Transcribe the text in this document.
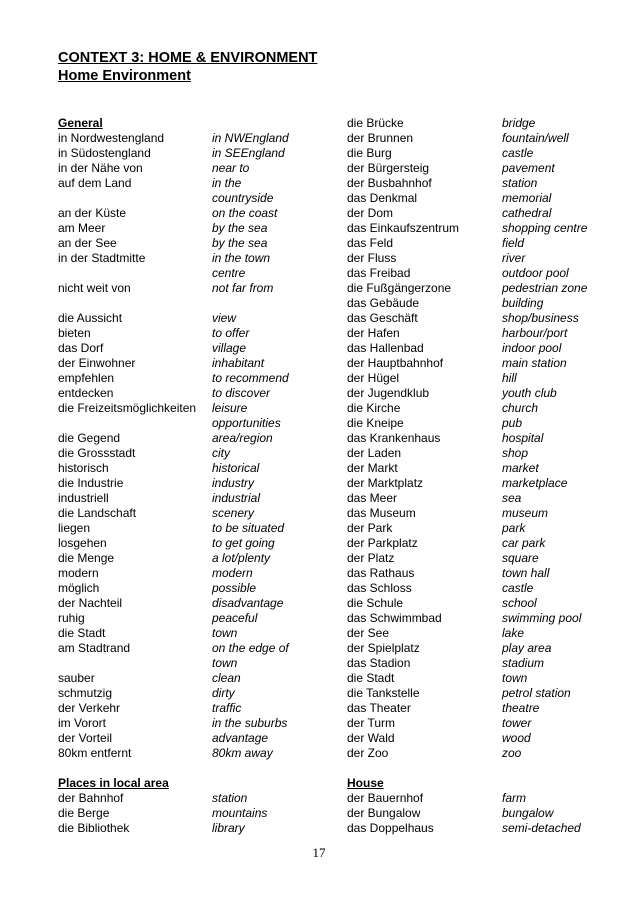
CONTEXT 3: HOME & ENVIRONMENT
Home Environment
General
in Nordwestengland
in Südostengland
in der Nähe von
auf dem Land
an der Küste
am Meer
an der See
in der Stadtmitte
nicht weit von
die Aussicht
bieten
das Dorf
der Einwohner
empfehlen
entdecken
die Freizeitsmöglichkeiten
die Gegend
die Grossstadt
historisch
die Industrie
industriell
die Landschaft
liegen
losgehen
die Menge
modern
möglich
der Nachteil
ruhig
die Stadt
am Stadtrand
sauber
schmutzig
der Verkehr
im Vorort
der Vorteil
80km entfernt
Places in local area
der Bahnhof
die Berge
die Bibliothek
in NWEngland
in SEEngland
near to
in the
countryside
on the coast
by the sea
by the sea
in the town
centre
not far from
view
to offer
village
inhabitant
to recommend
to discover
leisure
opportunities
area/region
city
historical
industry
industrial
scenery
to be situated
to get going
a lot/plenty
modern
possible
disadvantage
peaceful
town
on the edge of
town
clean
dirty
traffic
in the suburbs
advantage
80km away
station
mountains
library
die Brücke
der Brunnen
die Burg
der Bürgersteig
der Busbahnhof
das Denkmal
der Dom
das Einkaufszentrum
das Feld
der Fluss
das Freibad
die Fußgängerzone
das Gebäude
das Geschäft
der Hafen
das Hallenbad
der Hauptbahnhof
der Hügel
der Jugendklub
die Kirche
die Kneipe
das Krankenhaus
der Laden
der Markt
der Marktplatz
das Meer
das Museum
der Park
der Parkplatz
der Platz
das Rathaus
das Schloss
die Schule
das Schwimmbad
der See
der Spielplatz
das Stadion
die Stadt
die Tankstelle
das Theater
der Turm
der Wald
der Zoo
House
der Bauernhof
der Bungalow
das Doppelhaus
bridge
fountain/well
castle
pavement
station
memorial
cathedral
shopping centre
field
river
outdoor pool
pedestrian zone
building
shop/business
harbour/port
indoor pool
main station
hill
youth club
church
pub
hospital
shop
market
marketplace
sea
museum
park
car park
square
town hall
castle
school
swimming pool
lake
play area
stadium
town
petrol station
theatre
tower
wood
zoo
farm
bungalow
semi-detached
17
